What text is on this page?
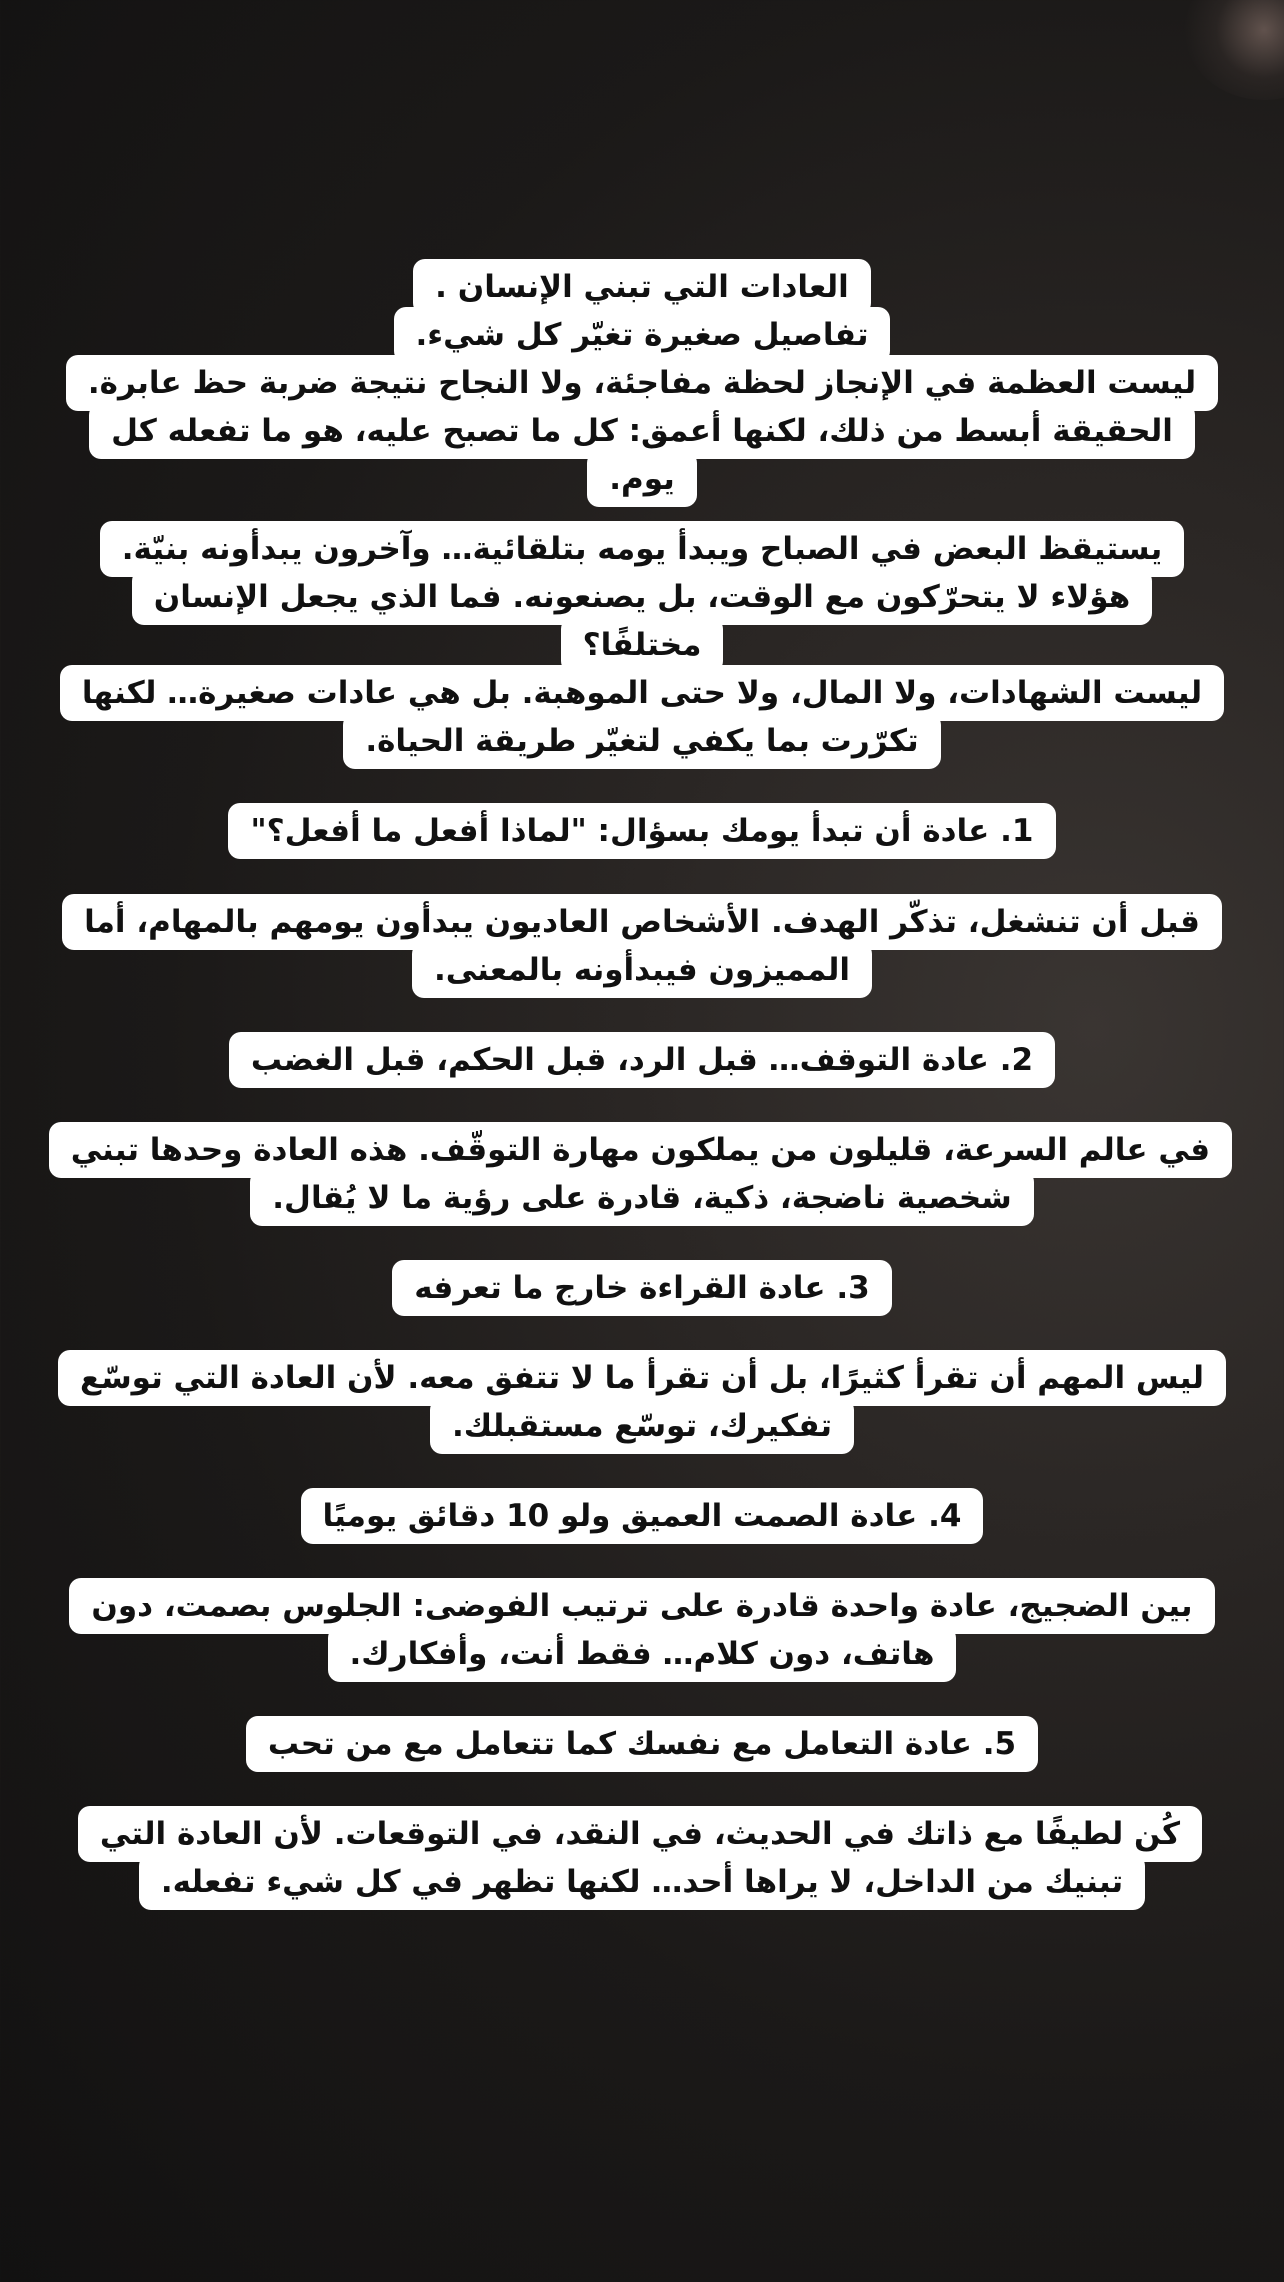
العادات التي تبني الإنسان .
تفاصيل صغيرة تغيّر كل شيء.
ليست العظمة في الإنجاز لحظة مفاجئة، ولا النجاح نتيجة ضربة حظ عابرة. الحقيقة أبسط من ذلك، لكنها أعمق: كل ما تصبح عليه، هو ما تفعله كل يوم.
يستيقظ البعض في الصباح ويبدأ يومه بتلقائية… وآخرون يبدأونه بنيّة. هؤلاء لا يتحرّكون مع الوقت، بل يصنعونه. فما الذي يجعل الإنسان مختلفًا؟
ليست الشهادات، ولا المال، ولا حتى الموهبة. بل هي عادات صغيرة… لكنها تكرّرت بما يكفي لتغيّر طريقة الحياة.
1. عادة أن تبدأ يومك بسؤال: "لماذا أفعل ما أفعل؟"
قبل أن تنشغل، تذكّر الهدف. الأشخاص العاديون يبدأون يومهم بالمهام، أما المميزون فيبدأونه بالمعنى.
2. عادة التوقف… قبل الرد، قبل الحكم، قبل الغضب
في عالم السرعة، قليلون من يملكون مهارة التوقّف. هذه العادة وحدها تبني شخصية ناضجة، ذكية، قادرة على رؤية ما لا يُقال.
3. عادة القراءة خارج ما تعرفه
ليس المهم أن تقرأ كثيرًا، بل أن تقرأ ما لا تتفق معه. لأن العادة التي توسّع تفكيرك، توسّع مستقبلك.
4. عادة الصمت العميق ولو 10 دقائق يوميًا
بين الضجيج، عادة واحدة قادرة على ترتيب الفوضى: الجلوس بصمت، دون هاتف، دون كلام… فقط أنت، وأفكارك.
5. عادة التعامل مع نفسك كما تتعامل مع من تحب
كُن لطيفًا مع ذاتك في الحديث، في النقد، في التوقعات. لأن العادة التي تبنيك من الداخل، لا يراها أحد… لكنها تظهر في كل شيء تفعله.
